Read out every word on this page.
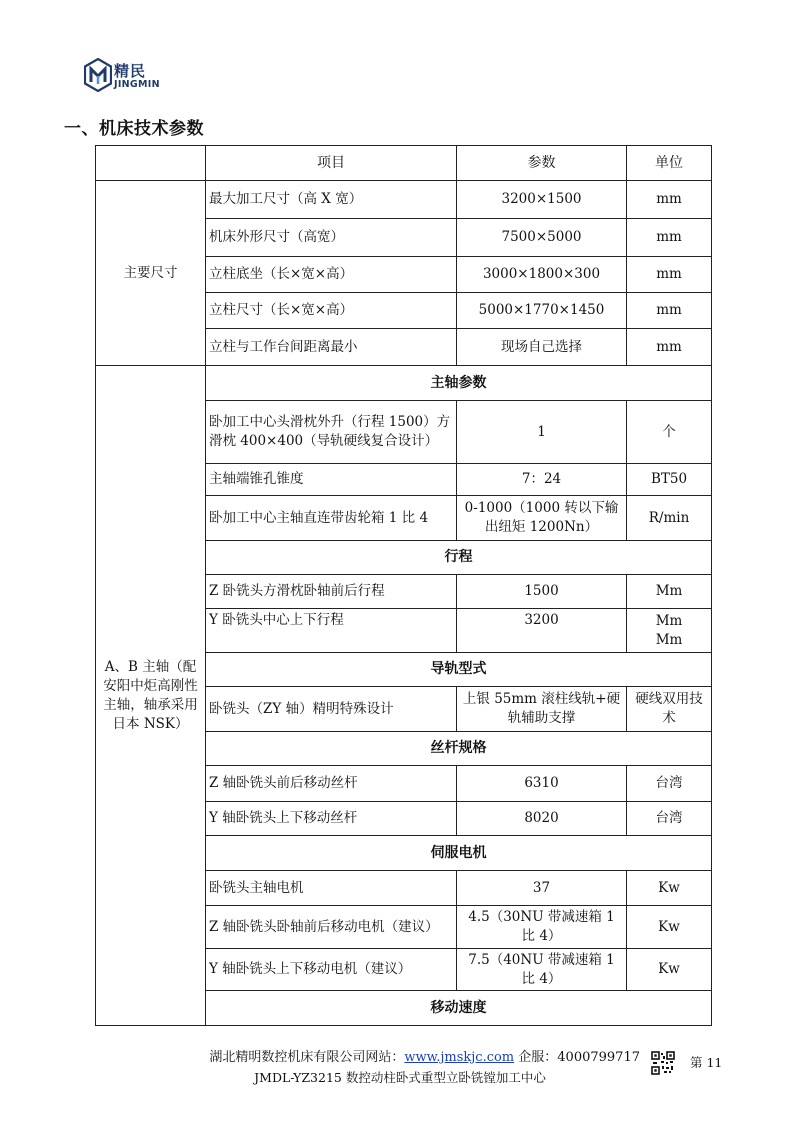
精民
JINGMIN
一、机床技术参数
	项目	参数	单位
主要尺寸	最大加工尺寸（高 X 宽）	3200×1500	mm
	机床外形尺寸（高宽）	7500×5000	mm
	立柱底坐（长×宽×高）	3000×1800×300	mm
	立柱尺寸（长×宽×高）	5000×1770×1450	mm
	立柱与工作台间距离最小	现场自己选择	mm
A、B 主轴（配安阳中炬高刚性主轴，轴承采用日本 NSK）	主轴参数		
	卧加工中心头滑枕外升（行程 1500）方滑枕 400×400（导轨硬线复合设计）	1	个
	主轴端锥孔锥度	7：24	BT50
	卧加工中心主轴直连带齿轮箱 1 比 4	0-1000（1000 转以下输出纽矩 1200Nn）	R/min
	行程		
	Z 卧铣头方滑枕卧轴前后行程	1500	Mm
	Y 卧铣头中心上下行程	3200	Mm
Mm

	导轨型式		
	卧铣头（ZY 轴）精明特殊设计	上银 55mm 滚柱线轨+硬轨辅助支撑	硬线双用技术
	丝杆规格		
	Z 轴卧铣头前后移动丝杆	6310	台湾
	Y 轴卧铣头上下移动丝杆	8020	台湾
	伺服电机		
	卧铣头主轴电机	37	Kw
	Z 轴卧铣头卧轴前后移动电机（建议）	4.5（30NU 带减速箱 1 比 4）	Kw
	Y 轴卧铣头上下移动电机（建议）	7.5（40NU 带减速箱 1 比 4）	Kw
	移动速度		
湖北精明数控机床有限公司网站：www.jmskjc.com 企服：4000799717	第 11
JMDL-YZ3215 数控动柱卧式重型立卧铣镗加工中心
